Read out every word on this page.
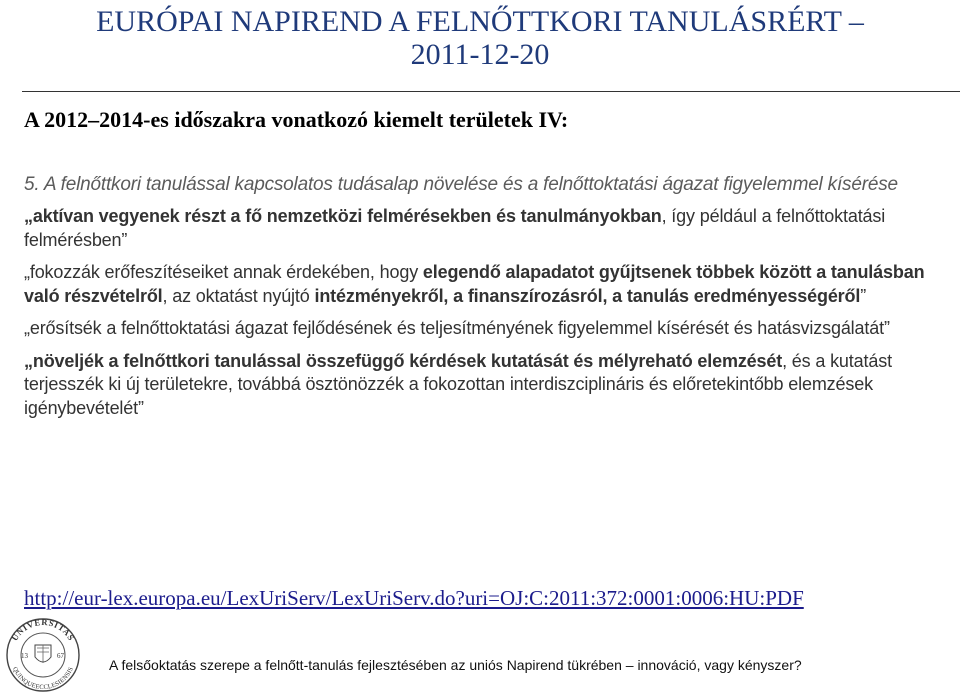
EURÓPAI NAPIREND A FELNŐTTKORI TANULÁSRÉRT –
2011-12-20
A 2012–2014-es időszakra vonatkozó kiemelt területek IV:

5. A felnőttkori tanulással kapcsolatos tudásalap növelése és a felnőttoktatási ágazat figyelemmel kísérése

„aktívan vegyenek részt a fő nemzetközi felmérésekben és tanulmányokban, így például a felnőttoktatási felmérésben”

„fokozzák erőfeszítéseiket annak érdekében, hogy elegendő alapadatot gyűjtsenek többek között a tanulásban való részvételről, az oktatást nyújtó intézményekről, a finanszírozásról, a tanulás eredményességéről”

„erősítsék a felnőttoktatási ágazat fejlődésének és teljesítményének figyelemmel kísérését és hatásvizsgálatát”

„növeljék a felnőttkori tanulással összefüggő kérdések kutatását és mélyreható elemzését, és a kutatást terjesszék ki új területekre, továbbá ösztönözzék a fokozottan interdiszciplináris és előretekintőbb elemzések igénybevételét”

http://eur-lex.europa.eu/LexUriServ/LexUriServ.do?uri=OJ:C:2011:372:0001:0006:HU:PDF
UNIVERSITAS
QUINQUEECCLESIENSIS
13	67
A felsőoktatás szerepe a felnőtt-tanulás fejlesztésében az uniós Napirend tükrében – innováció, vagy kényszer?
